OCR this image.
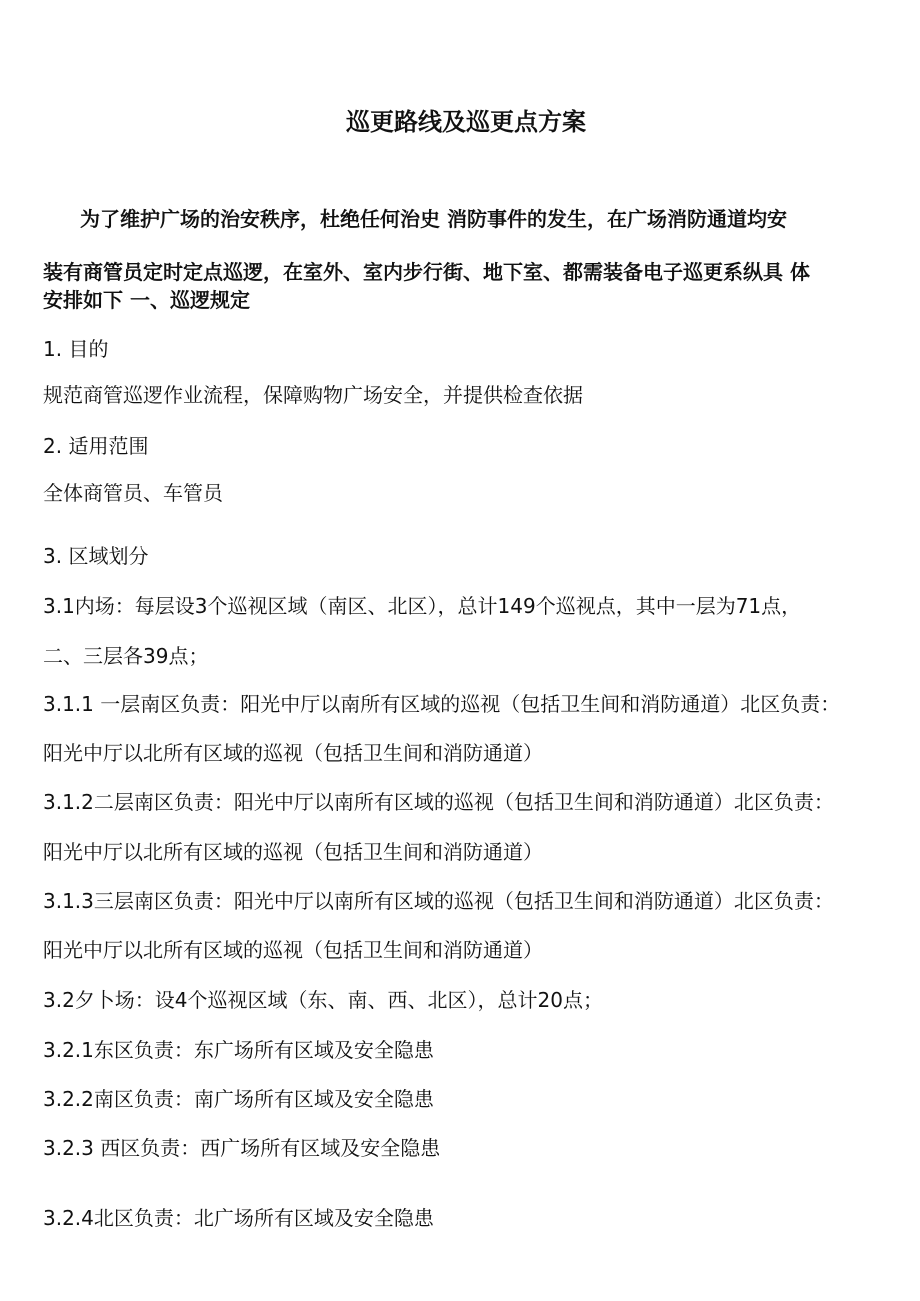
巡更路线及巡更点方案
为了维护广场的治安秩序，杜绝任何治史 消防事件的发生，在广场消防通道均安
装有商管员定时定点巡逻，在室外、室内步行街、地下室、都需装备电子巡更系纵具 体
安排如下 一、巡逻规定
1. 目的
规范商管巡逻作业流程，保障购物广场安全，并提供检查依据
2. 适用范围
全体商管员、车管员
3. 区域划分
3.1内场：每层设3个巡视区域（南区、北区），总计149个巡视点，其中一层为71点，
二、三层各39点；
3.1.1 一层南区负责：阳光中厅以南所有区域的巡视（包括卫生间和消防通道）北区负责：
阳光中厅以北所有区域的巡视（包括卫生间和消防通道）
3.1.2二层南区负责：阳光中厅以南所有区域的巡视（包括卫生间和消防通道）北区负责：
阳光中厅以北所有区域的巡视（包括卫生间和消防通道）
3.1.3三层南区负责：阳光中厅以南所有区域的巡视（包括卫生间和消防通道）北区负责：
阳光中厅以北所有区域的巡视（包括卫生间和消防通道）
3.2夕卜场：设4个巡视区域（东、南、西、北区），总计20点；
3.2.1东区负责：东广场所有区域及安全隐患
3.2.2南区负责：南广场所有区域及安全隐患
3.2.3 西区负责：西广场所有区域及安全隐患
3.2.4北区负责：北广场所有区域及安全隐患
